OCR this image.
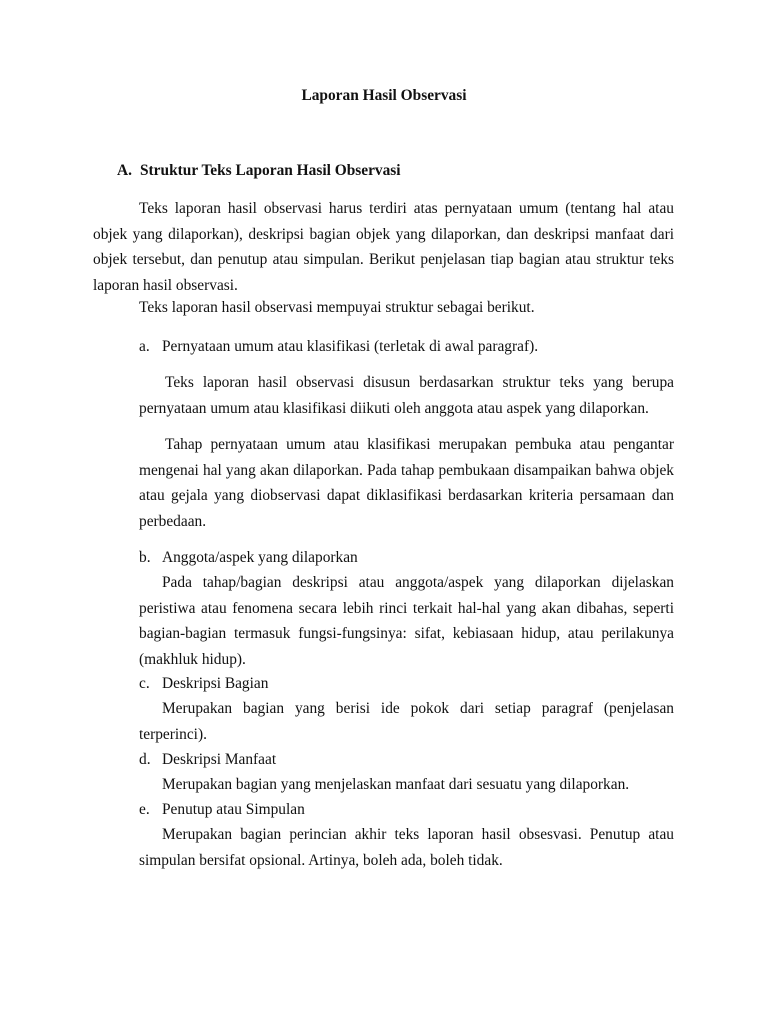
Laporan Hasil Observasi
A. Struktur Teks Laporan Hasil Observasi

Teks laporan hasil observasi harus terdiri atas pernyataan umum (tentang hal atau objek yang dilaporkan), deskripsi bagian objek yang dilaporkan, dan deskripsi manfaat dari objek tersebut, dan penutup atau simpulan. Berikut penjelasan tiap bagian atau struktur teks laporan hasil observasi.

Teks laporan hasil observasi mempuyai struktur sebagai berikut.
a. Pernyataan umum atau klasifikasi (terletak di awal paragraf).

Teks laporan hasil observasi disusun berdasarkan struktur teks yang berupa pernyataan umum atau klasifikasi diikuti oleh anggota atau aspek yang dilaporkan.

Tahap pernyataan umum atau klasifikasi merupakan pembuka atau pengantar mengenai hal yang akan dilaporkan. Pada tahap pembukaan disampaikan bahwa objek atau gejala yang diobservasi dapat diklasifikasi berdasarkan kriteria persamaan dan perbedaan.

b. Anggota/aspek yang dilaporkan

Pada tahap/bagian deskripsi atau anggota/aspek yang dilaporkan dijelaskan peristiwa atau fenomena secara lebih rinci terkait hal-hal yang akan dibahas, seperti bagian-bagian termasuk fungsi-fungsinya: sifat, kebiasaan hidup, atau perilakunya (makhluk hidup).

c. Deskripsi Bagian

Merupakan bagian yang berisi ide pokok dari setiap paragraf (penjelasan terperinci).

d. Deskripsi Manfaat
Merupakan bagian yang menjelaskan manfaat dari sesuatu yang dilaporkan.
e. Penutup atau Simpulan

Merupakan bagian perincian akhir teks laporan hasil obsesvasi. Penutup atau simpulan bersifat opsional. Artinya, boleh ada, boleh tidak.
